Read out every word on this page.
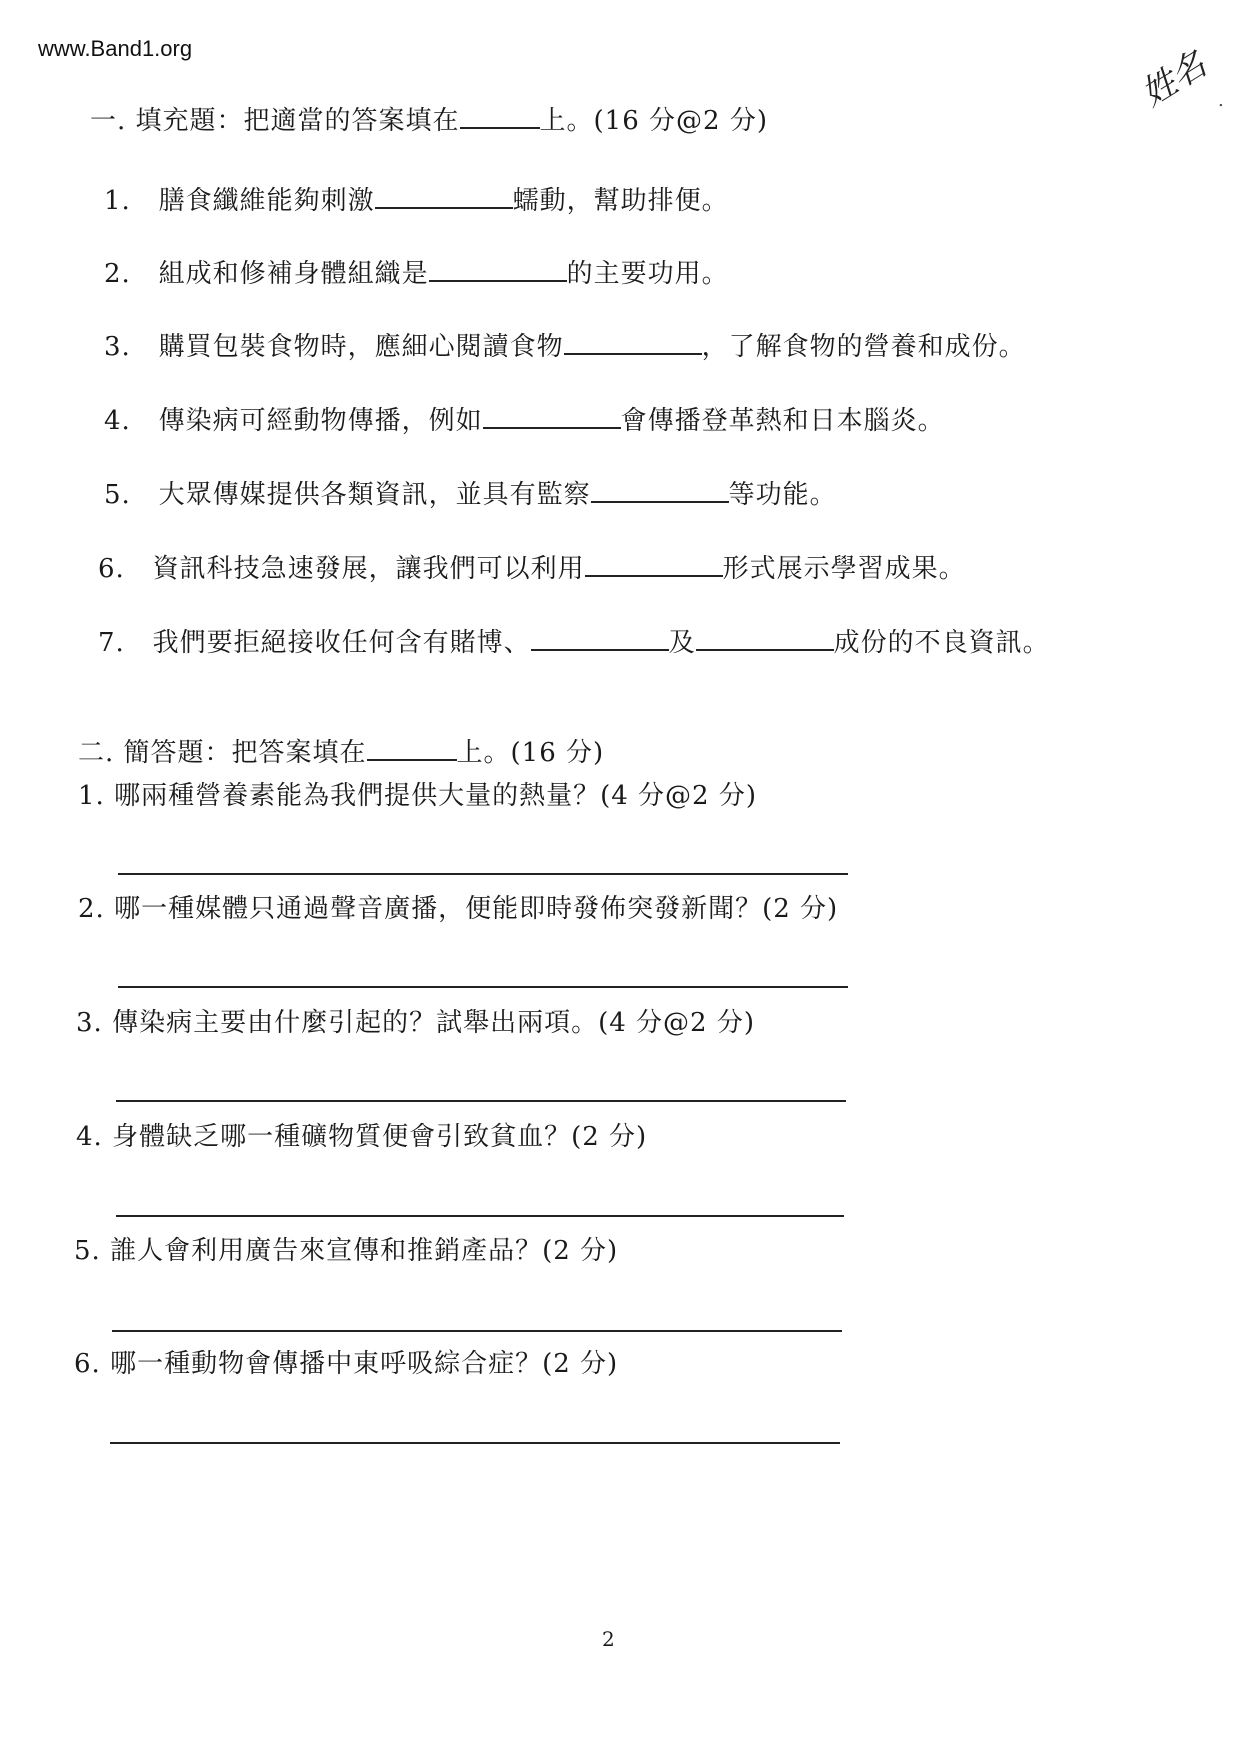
www.Band1.org	姓名 .
一. 填充題：把適當的答案填在	上。(16 分@2 分)
1. 膳食纖維能夠刺激	蠕動，幫助排便。
2. 組成和修補身體組織是	的主要功用。
3. 購買包裝食物時，應細心閱讀食物	，了解食物的營養和成份。
4. 傳染病可經動物傳播，例如	會傳播登革熱和日本腦炎。
5. 大眾傳媒提供各類資訊，並具有監察	等功能。
6. 資訊科技急速發展，讓我們可以利用	形式展示學習成果。
7. 我們要拒絕接收任何含有賭博、	及	成份的不良資訊。
二. 簡答題：把答案填在	上。(16 分)
1. 哪兩種營養素能為我們提供大量的熱量？(4 分@2 分)
2. 哪一種媒體只通過聲音廣播，便能即時發佈突發新聞？(2 分)
3. 傳染病主要由什麼引起的？試舉出兩項。(4 分@2 分)
4. 身體缺乏哪一種礦物質便會引致貧血？(2 分)
5. 誰人會利用廣告來宣傳和推銷產品？(2 分)
6. 哪一種動物會傳播中東呼吸綜合症？(2 分)
2
